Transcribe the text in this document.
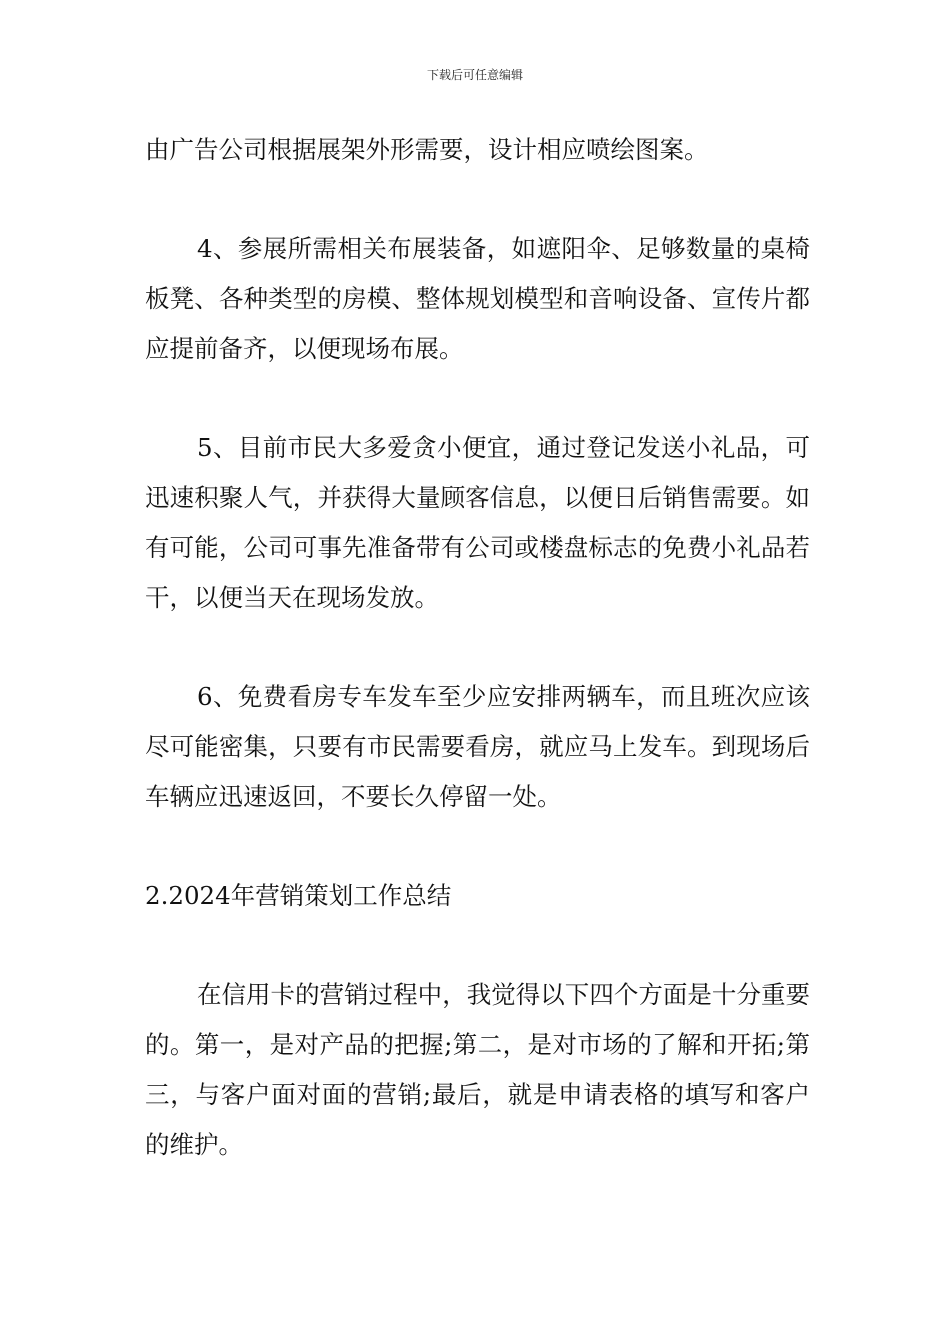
下载后可任意编辑

由广告公司根据展架外形需要，设计相应喷绘图案。

4、参展所需相关布展装备，如遮阳伞、足够数量的桌椅板凳、各种类型的房模、整体规划模型和音响设备、宣传片都应提前备齐，以便现场布展。

5、目前市民大多爱贪小便宜，通过登记发送小礼品，可迅速积聚人气，并获得大量顾客信息，以便日后销售需要。如有可能，公司可事先准备带有公司或楼盘标志的免费小礼品若干，以便当天在现场发放。

6、免费看房专车发车至少应安排两辆车，而且班次应该尽可能密集，只要有市民需要看房，就应马上发车。到现场后车辆应迅速返回，不要长久停留一处。

2.2024年营销策划工作总结

在信用卡的营销过程中，我觉得以下四个方面是十分重要的。第一，是对产品的把握;第二，是对市场的了解和开拓;第三，与客户面对面的营销;最后，就是申请表格的填写和客户的维护。
